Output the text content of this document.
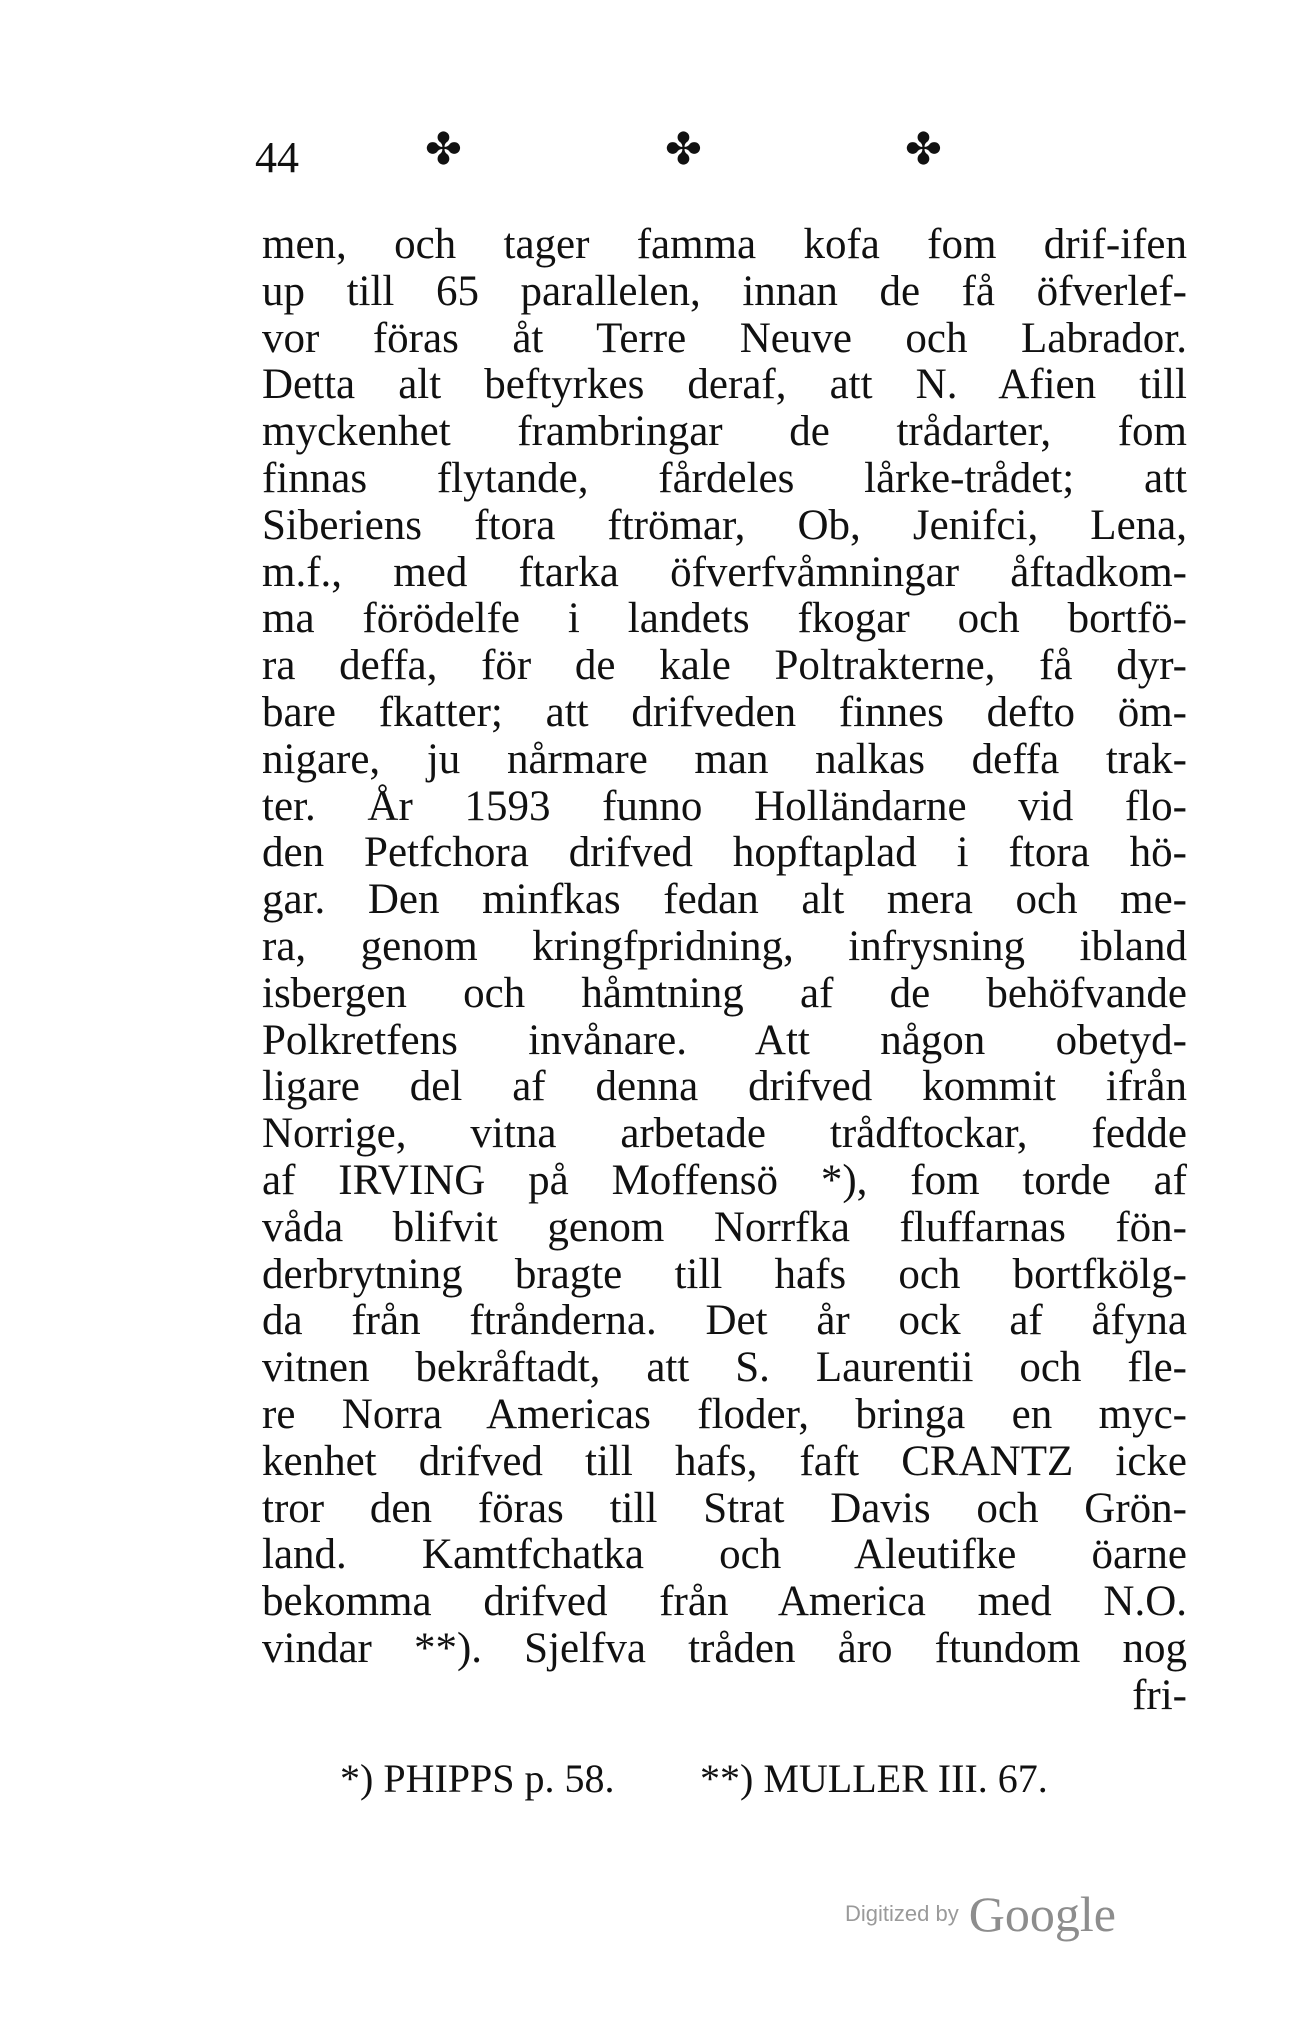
44	✤	✤	✤
men, och tager famma kofa fom drif-ifen
up till 65 parallelen, innan de få öfverlef-
vor föras åt Terre Neuve och Labrador.
Detta alt beftyrkes deraf, att N. Afien till
myckenhet frambringar de trådarter, fom
finnas flytande, fårdeles lårke-trådet; att
Siberiens ftora ftrömar, Ob, Jenifci, Lena,
m.f., med ftarka öfverfvåmningar åftadkom-
ma förödelfe i landets fkogar och bortfö-
ra deffa, för de kale Poltrakterne, få dyr-
bare fkatter; att drifveden finnes defto öm-
nigare, ju nårmare man nalkas deffa trak-
ter. År 1593 funno Holländarne vid flo-
den Petfchora drifved hopftaplad i ftora hö-
gar. Den minfkas fedan alt mera och me-
ra, genom kringfpridning, infrysning ibland
isbergen och håmtning af de behöfvande
Polkretfens invånare. Att någon obetyd-
ligare del af denna drifved kommit ifrån
Norrige, vitna arbetade trådftockar, fedde
af IRVING på Moffensö *), fom torde af
våda blifvit genom Norrfka fluffarnas fön-
derbrytning bragte till hafs och bortfkölg-
da från ftrånderna. Det år ock af åfyna
vitnen bekråftadt, att S. Laurentii och fle-
re Norra Americas floder, bringa en myc-
kenhet drifved till hafs, faft CRANTZ icke
tror den föras till Strat Davis och Grön-
land. Kamtfchatka och Aleutifke öarne
bekomma drifved från America med N.O.
vindar **). Sjelfva tråden åro ftundom nog
fri-
*) PHIPPS p. 58. **) MULLER III. 67.
Digitized by Google
